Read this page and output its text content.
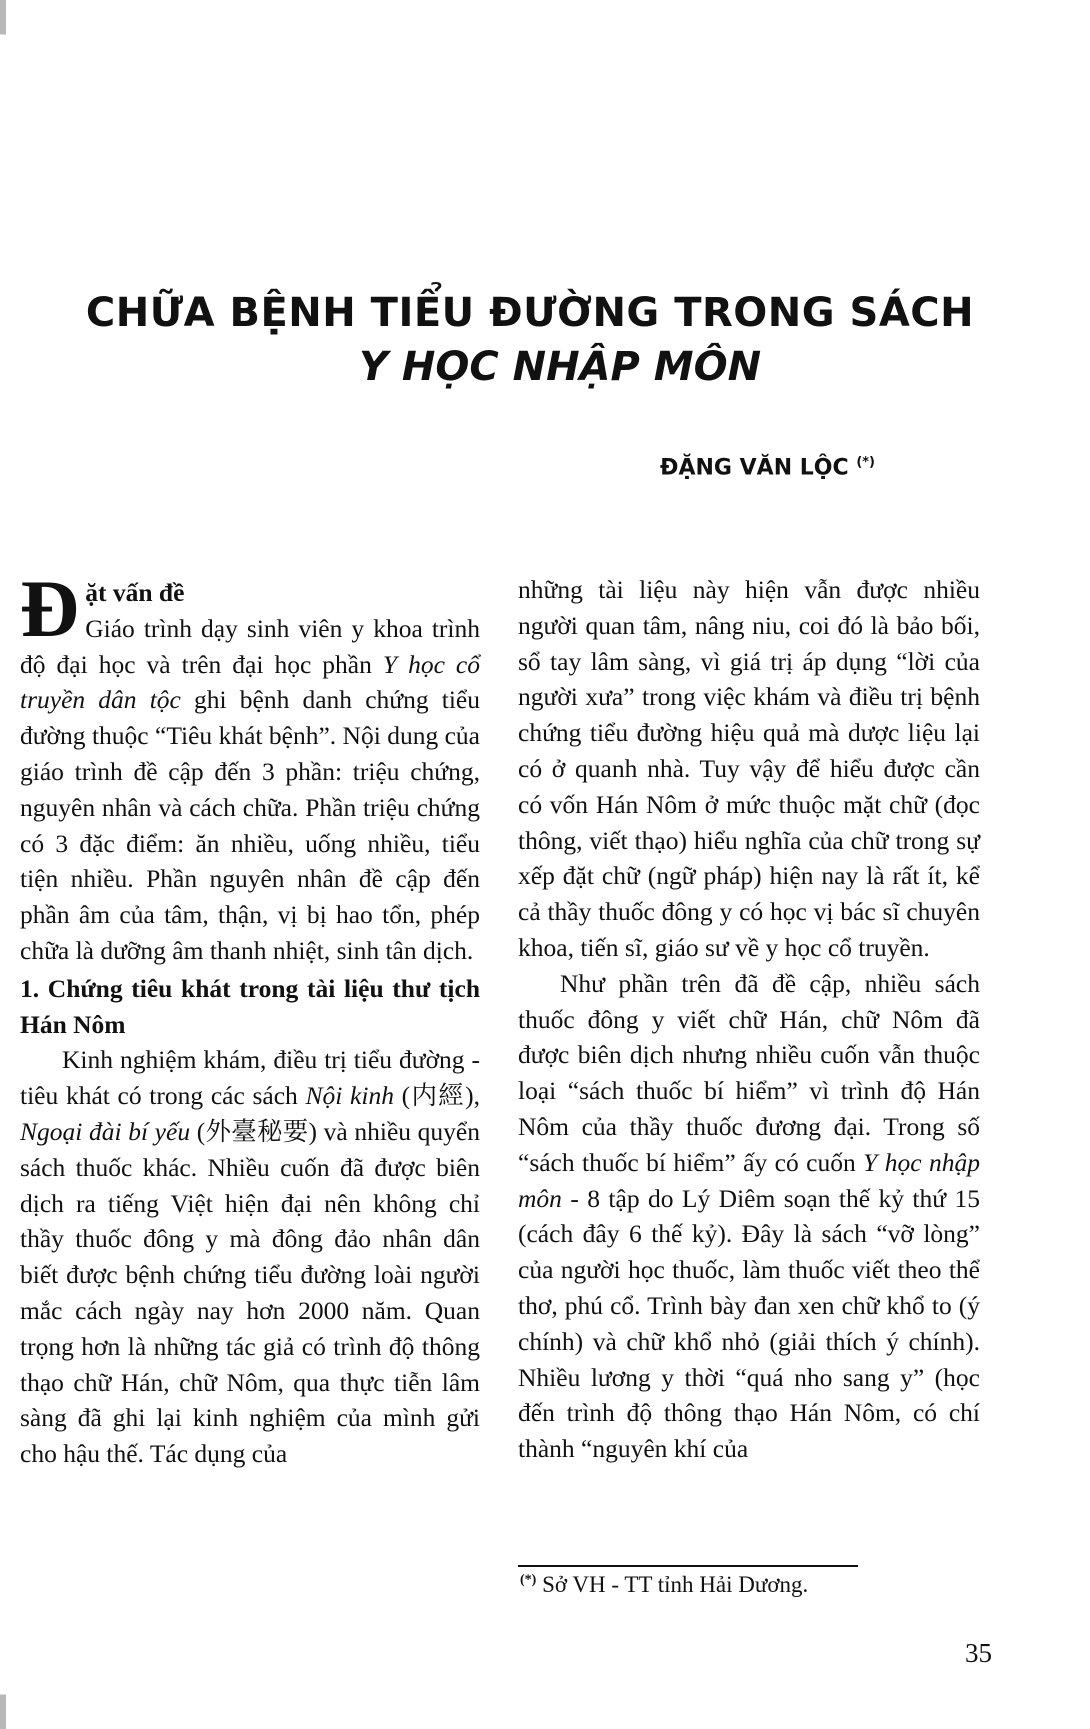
CHỮA BỆNH TIỂU ĐƯỜNG TRONG SÁCH
Y HỌC NHẬP MÔN
ĐẶNG VĂN LỘC (*)

Đặt vấn đề
Giáo trình dạy sinh viên y khoa trình độ đại học và trên đại học phần Y học cổ truyền dân tộc ghi bệnh danh chứng tiểu đường thuộc “Tiêu khát bệnh”. Nội dung của giáo trình đề cập đến 3 phần: triệu chứng, nguyên nhân và cách chữa. Phần triệu chứng có 3 đặc điểm: ăn nhiều, uống nhiều, tiểu tiện nhiều. Phần nguyên nhân đề cập đến phần âm của tâm, thận, vị bị hao tổn, phép chữa là dưỡng âm thanh nhiệt, sinh tân dịch.

1. Chứng tiêu khát trong tài liệu thư tịch Hán Nôm

Kinh nghiệm khám, điều trị tiểu đường - tiêu khát có trong các sách Nội kinh (内經), Ngoại đài bí yếu (外臺秘要) và nhiều quyển sách thuốc khác. Nhiều cuốn đã được biên dịch ra tiếng Việt hiện đại nên không chỉ thầy thuốc đông y mà đông đảo nhân dân biết được bệnh chứng tiểu đường loài người mắc cách ngày nay hơn 2000 năm. Quan trọng hơn là những tác giả có trình độ thông thạo chữ Hán, chữ Nôm, qua thực tiễn lâm sàng đã ghi lại kinh nghiệm của mình gửi cho hậu thế. Tác dụng của

những tài liệu này hiện vẫn được nhiều người quan tâm, nâng niu, coi đó là bảo bối, sổ tay lâm sàng, vì giá trị áp dụng “lời của người xưa” trong việc khám và điều trị bệnh chứng tiểu đường hiệu quả mà dược liệu lại có ở quanh nhà. Tuy vậy để hiểu được cần có vốn Hán Nôm ở mức thuộc mặt chữ (đọc thông, viết thạo) hiểu nghĩa của chữ trong sự xếp đặt chữ (ngữ pháp) hiện nay là rất ít, kể cả thầy thuốc đông y có học vị bác sĩ chuyên khoa, tiến sĩ, giáo sư về y học cổ truyền.

Như phần trên đã đề cập, nhiều sách thuốc đông y viết chữ Hán, chữ Nôm đã được biên dịch nhưng nhiều cuốn vẫn thuộc loại “sách thuốc bí hiểm” vì trình độ Hán Nôm của thầy thuốc đương đại. Trong số “sách thuốc bí hiểm” ấy có cuốn Y học nhập môn - 8 tập do Lý Diêm soạn thế kỷ thứ 15 (cách đây 6 thế kỷ). Đây là sách “vỡ lòng” của người học thuốc, làm thuốc viết theo thể thơ, phú cổ. Trình bày đan xen chữ khổ to (ý chính) và chữ khổ nhỏ (giải thích ý chính). Nhiều lương y thời “quá nho sang y” (học đến trình độ thông thạo Hán Nôm, có chí thành “nguyên khí của

(*) Sở VH - TT tỉnh Hải Dương.
35
